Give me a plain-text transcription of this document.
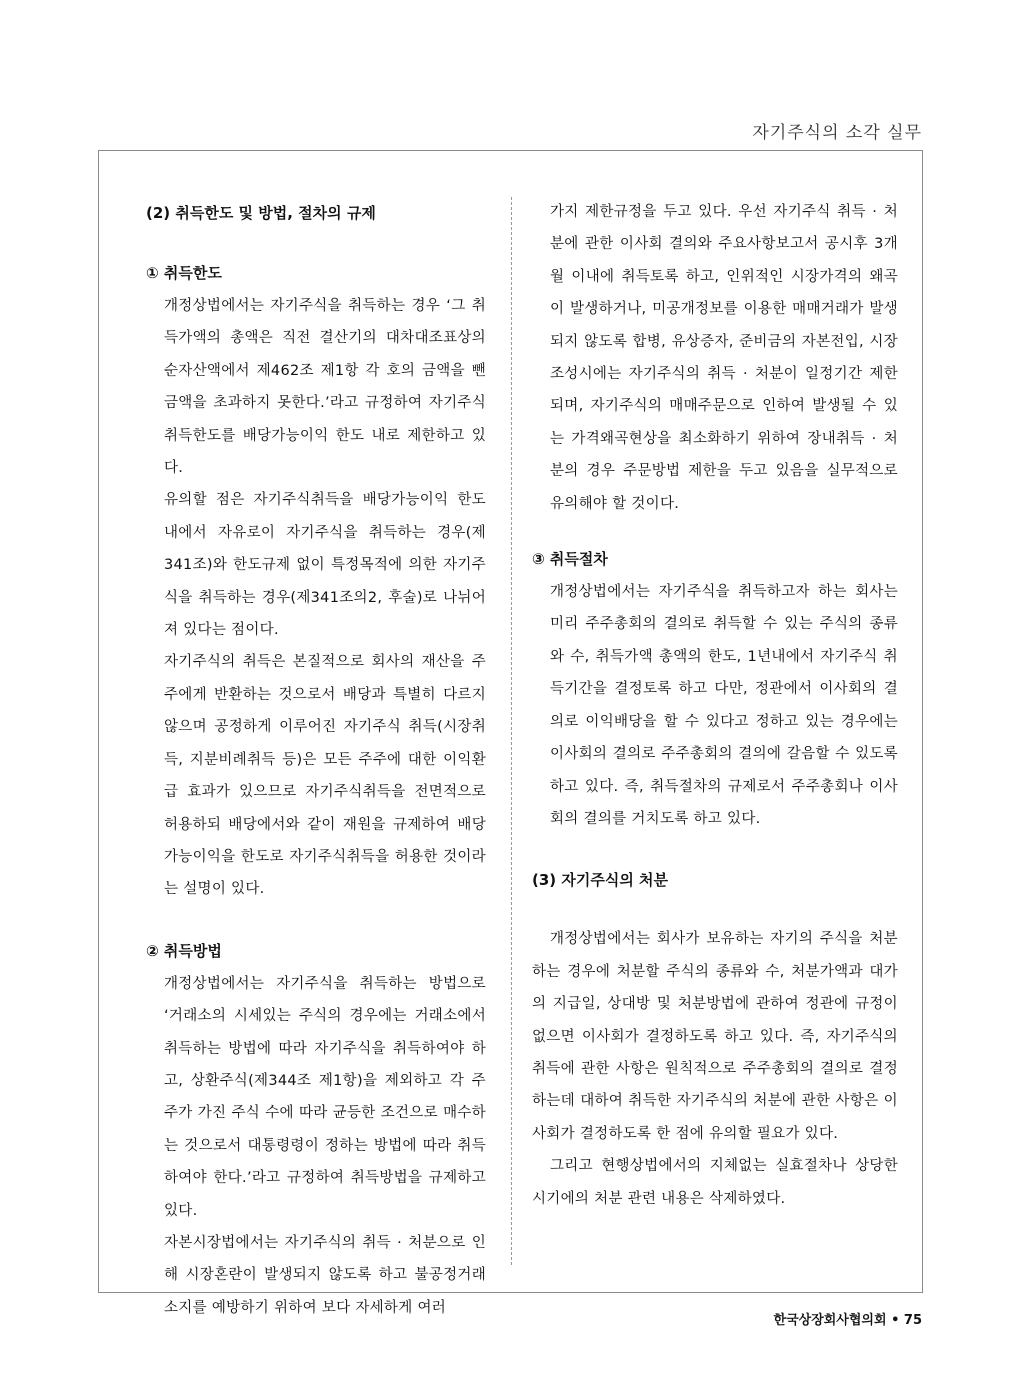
자기주식의 소각 실무
(2) 취득한도 및 방법, 절차의 규제
① 취득한도

개정상법에서는 자기주식을 취득하는 경우 ‘그 취득가액의 총액은 직전 결산기의 대차대조표상의 순자산액에서 제462조 제1항 각 호의 금액을 뺀 금액을 초과하지 못한다.’라고 규정하여 자기주식취득한도를 배당가능이익 한도 내로 제한하고 있다.

유의할 점은 자기주식취득을 배당가능이익 한도 내에서 자유로이 자기주식을 취득하는 경우(제341조)와 한도규제 없이 특정목적에 의한 자기주식을 취득하는 경우(제341조의2, 후술)로 나뉘어져 있다는 점이다.

자기주식의 취득은 본질적으로 회사의 재산을 주주에게 반환하는 것으로서 배당과 특별히 다르지 않으며 공정하게 이루어진 자기주식 취득(시장취득, 지분비례취득 등)은 모든 주주에 대한 이익환급 효과가 있으므로 자기주식취득을 전면적으로 허용하되 배당에서와 같이 재원을 규제하여 배당가능이익을 한도로 자기주식취득을 허용한 것이라는 설명이 있다.

② 취득방법

개정상법에서는 자기주식을 취득하는 방법으로 ‘거래소의 시세있는 주식의 경우에는 거래소에서 취득하는 방법에 따라 자기주식을 취득하여야 하고, 상환주식(제344조 제1항)을 제외하고 각 주주가 가진 주식 수에 따라 균등한 조건으로 매수하는 것으로서 대통령령이 정하는 방법에 따라 취득하여야 한다.’라고 규정하여 취득방법을 규제하고 있다.

자본시장법에서는 자기주식의 취득 · 처분으로 인해 시장혼란이 발생되지 않도록 하고 불공정거래 소지를 예방하기 위하여 보다 자세하게 여러

가지 제한규정을 두고 있다. 우선 자기주식 취득 · 처분에 관한 이사회 결의와 주요사항보고서 공시후 3개월 이내에 취득토록 하고, 인위적인 시장가격의 왜곡이 발생하거나, 미공개정보를 이용한 매매거래가 발생되지 않도록 합병, 유상증자, 준비금의 자본전입, 시장조성시에는 자기주식의 취득 · 처분이 일정기간 제한되며, 자기주식의 매매주문으로 인하여 발생될 수 있는 가격왜곡현상을 최소화하기 위하여 장내취득 · 처분의 경우 주문방법 제한을 두고 있음을 실무적으로 유의해야 할 것이다.

③ 취득절차

개정상법에서는 자기주식을 취득하고자 하는 회사는 미리 주주총회의 결의로 취득할 수 있는 주식의 종류와 수, 취득가액 총액의 한도, 1년내에서 자기주식 취득기간을 결정토록 하고 다만, 정관에서 이사회의 결의로 이익배당을 할 수 있다고 정하고 있는 경우에는 이사회의 결의로 주주총회의 결의에 갈음할 수 있도록 하고 있다. 즉, 취득절차의 규제로서 주주총회나 이사회의 결의를 거치도록 하고 있다.

(3) 자기주식의 처분

개정상법에서는 회사가 보유하는 자기의 주식을 처분하는 경우에 처분할 주식의 종류와 수, 처분가액과 대가의 지급일, 상대방 및 처분방법에 관하여 정관에 규정이 없으면 이사회가 결정하도록 하고 있다. 즉, 자기주식의 취득에 관한 사항은 원칙적으로 주주총회의 결의로 결정하는데 대하여 취득한 자기주식의 처분에 관한 사항은 이사회가 결정하도록 한 점에 유의할 필요가 있다.

그리고 현행상법에서의 지체없는 실효절차나 상당한 시기에의 처분 관련 내용은 삭제하였다.

한국상장회사협의회 • 75
